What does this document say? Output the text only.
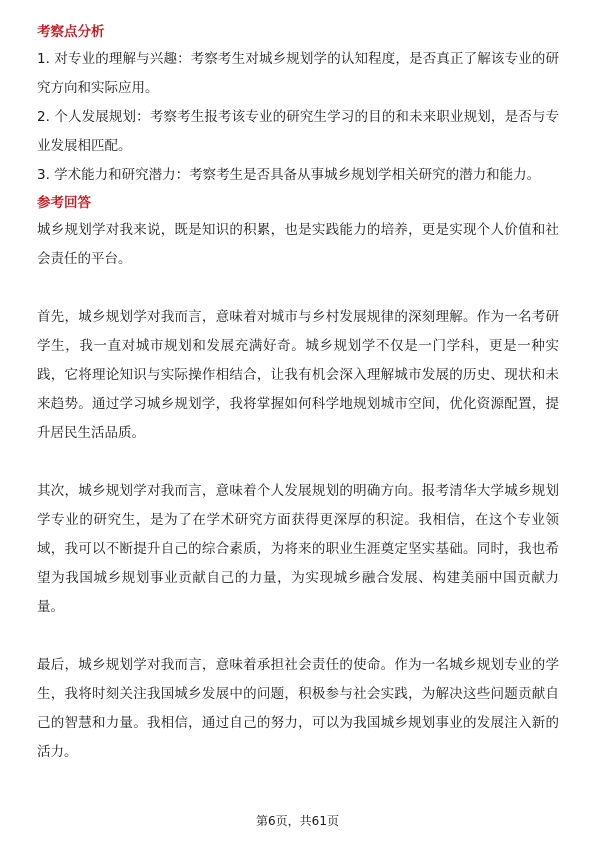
考察点分析

1. 对专业的理解与兴趣：考察考生对城乡规划学的认知程度，是否真正了解该专业的研究方向和实际应用。

2. 个人发展规划：考察考生报考该专业的研究生学习的目的和未来职业规划，是否与专业发展相匹配。

3. 学术能力和研究潜力：考察考生是否具备从事城乡规划学相关研究的潜力和能力。

参考回答

城乡规划学对我来说，既是知识的积累，也是实践能力的培养，更是实现个人价值和社会责任的平台。

首先，城乡规划学对我而言，意味着对城市与乡村发展规律的深刻理解。作为一名考研学生，我一直对城市规划和发展充满好奇。城乡规划学不仅是一门学科，更是一种实践，它将理论知识与实际操作相结合，让我有机会深入理解城市发展的历史、现状和未来趋势。通过学习城乡规划学，我将掌握如何科学地规划城市空间，优化资源配置，提升居民生活品质。

其次，城乡规划学对我而言，意味着个人发展规划的明确方向。报考清华大学城乡规划学专业的研究生，是为了在学术研究方面获得更深厚的积淀。我相信，在这个专业领域，我可以不断提升自己的综合素质，为将来的职业生涯奠定坚实基础。同时，我也希望为我国城乡规划事业贡献自己的力量，为实现城乡融合发展、构建美丽中国贡献力量。

最后，城乡规划学对我而言，意味着承担社会责任的使命。作为一名城乡规划专业的学生，我将时刻关注我国城乡发展中的问题，积极参与社会实践，为解决这些问题贡献自己的智慧和力量。我相信，通过自己的努力，可以为我国城乡规划事业的发展注入新的活力。

第6页，共61页
